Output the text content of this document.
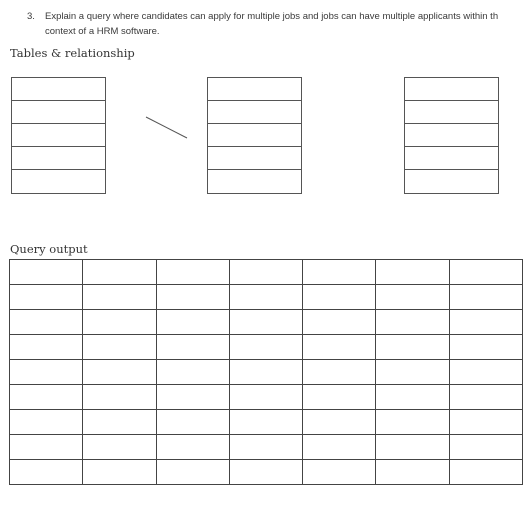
3. Explain a query where candidates can apply for multiple jobs and jobs can have multiple applicants within th
context of a HRM software.
Tables & relationship
Query output
